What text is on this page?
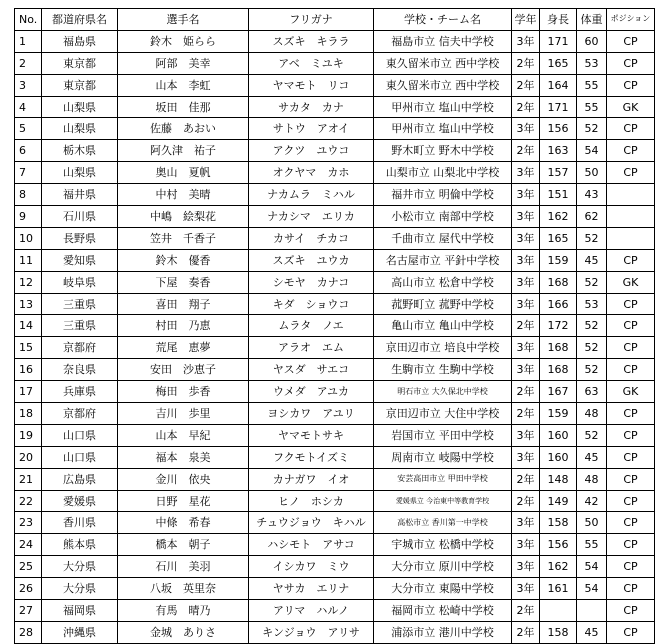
No.	都道府県名	選手名	フリガナ	学校・チーム名	学年	身長	体重	ポジション
1	福島県	鈴木　姫らら	スズキ　キララ	福島市立 信夫中学校	3年	171	60	CP
2	東京都	阿部　美幸	アベ　ミユキ	東久留米市立 西中学校	2年	165	53	CP
3	東京都	山本　李虹	ヤマモト　リコ	東久留米市立 西中学校	2年	164	55	CP
4	山梨県	坂田　佳那	サカタ　カナ	甲州市立 塩山中学校	2年	171	55	GK
5	山梨県	佐藤　あおい	サトウ　アオイ	甲州市立 塩山中学校	3年	156	52	CP
6	栃木県	阿久津　祐子	アクツ　ユウコ	野木町立 野木中学校	2年	163	54	CP
7	山梨県	奥山　夏帆	オクヤマ　カホ	山梨市立 山梨北中学校	3年	157	50	CP
8	福井県	中村　美晴	ナカムラ　ミハル	福井市立 明倫中学校	3年	151	43	
9	石川県	中嶋　絵梨花	ナカシマ　エリカ	小松市立 南部中学校	3年	162	62	
10	長野県	笠井　千香子	カサイ　チカコ	千曲市立 屋代中学校	3年	165	52	
11	愛知県	鈴木　優香	スズキ　ユウカ	名古屋市立 平針中学校	3年	159	45	CP
12	岐阜県	下屋　奏香	シモヤ　カナコ	高山市立 松倉中学校	3年	168	52	GK
13	三重県	喜田　翔子	キダ　ショウコ	菰野町立 菰野中学校	3年	166	53	CP
14	三重県	村田　乃恵	ムラタ　ノエ	亀山市立 亀山中学校	2年	172	52	CP
15	京都府	荒尾　恵夢	アラオ　エム	京田辺市立 培良中学校	3年	168	52	CP
16	奈良県	安田　沙恵子	ヤスダ　サエコ	生駒市立 生駒中学校	3年	168	52	CP
17	兵庫県	梅田　歩香	ウメダ　アユカ	明石市立 大久保北中学校	2年	167	63	GK
18	京都府	吉川　歩里	ヨシカワ　アユリ	京田辺市立 大住中学校	2年	159	48	CP
19	山口県	山本　早紀	ヤマモトサキ	岩国市立 平田中学校	3年	160	52	CP
20	山口県	福本　泉美	フクモトイズミ	周南市立 岐陽中学校	3年	160	45	CP
21	広島県	金川　依央	カナガワ　イオ	安芸高田市立 甲田中学校	2年	148	48	CP
22	愛媛県	日野　星花	ヒノ　ホシカ	愛媛県立 今治東中等教育学校	2年	149	42	CP
23	香川県	中條　希春	チュウジョウ　キハル	高松市立 香川第一中学校	3年	158	50	CP
24	熊本県	橋本　朝子	ハシモト　アサコ	宇城市立 松橋中学校	3年	156	55	CP
25	大分県	石川　美羽	イシカワ　ミウ	大分市立 原川中学校	3年	162	54	CP
26	大分県	八坂　英里奈	ヤサカ　エリナ	大分市立 東陽中学校	3年	161	54	CP
27	福岡県	有馬　晴乃	アリマ　ハルノ	福岡市立 松崎中学校	2年			CP
28	沖縄県	金城　ありさ	キンジョウ　アリサ	浦添市立 港川中学校	2年	158	45	CP
